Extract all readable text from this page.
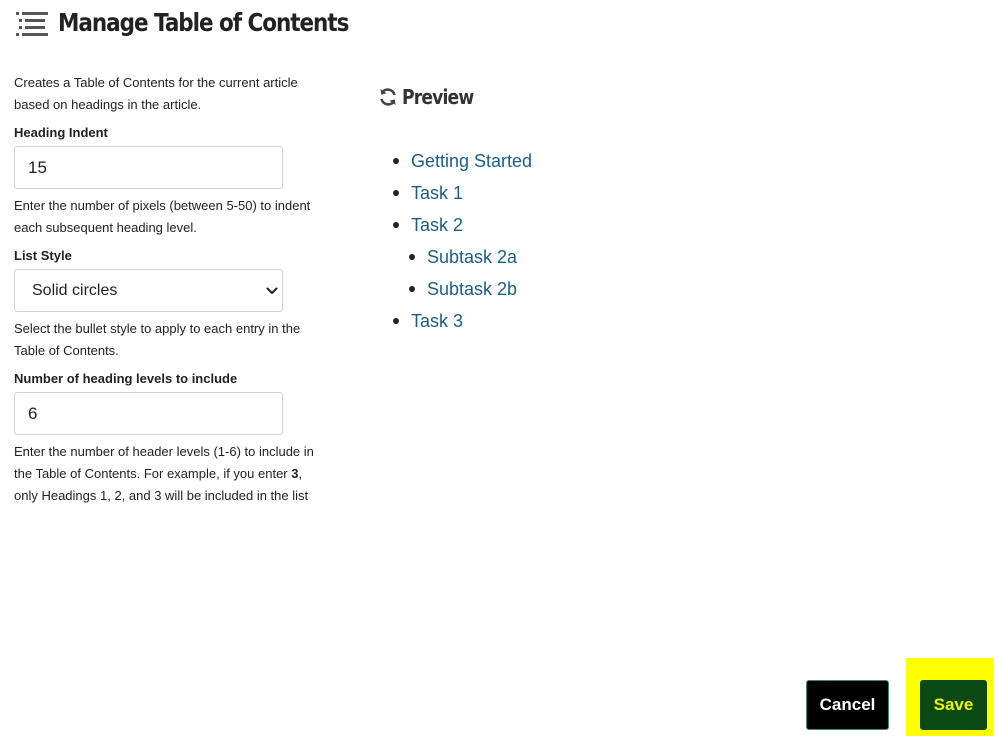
Manage Table of Contents

Creates a Table of Contents for the current article based on headings in the article.

Heading Indent
15

Enter the number of pixels (between 5-50) to indent each subsequent heading level.

List Style
Solid circles

Select the bullet style to apply to each entry in the Table of Contents.

Number of heading levels to include
6

Enter the number of header levels (1-6) to include in the Table of Contents. For example, if you enter 3, only Headings 1, 2, and 3 will be included in the list

Preview
Getting Started
Task 1
Task 2
Subtask 2a
Subtask 2b
Task 3
Cancel	Save
